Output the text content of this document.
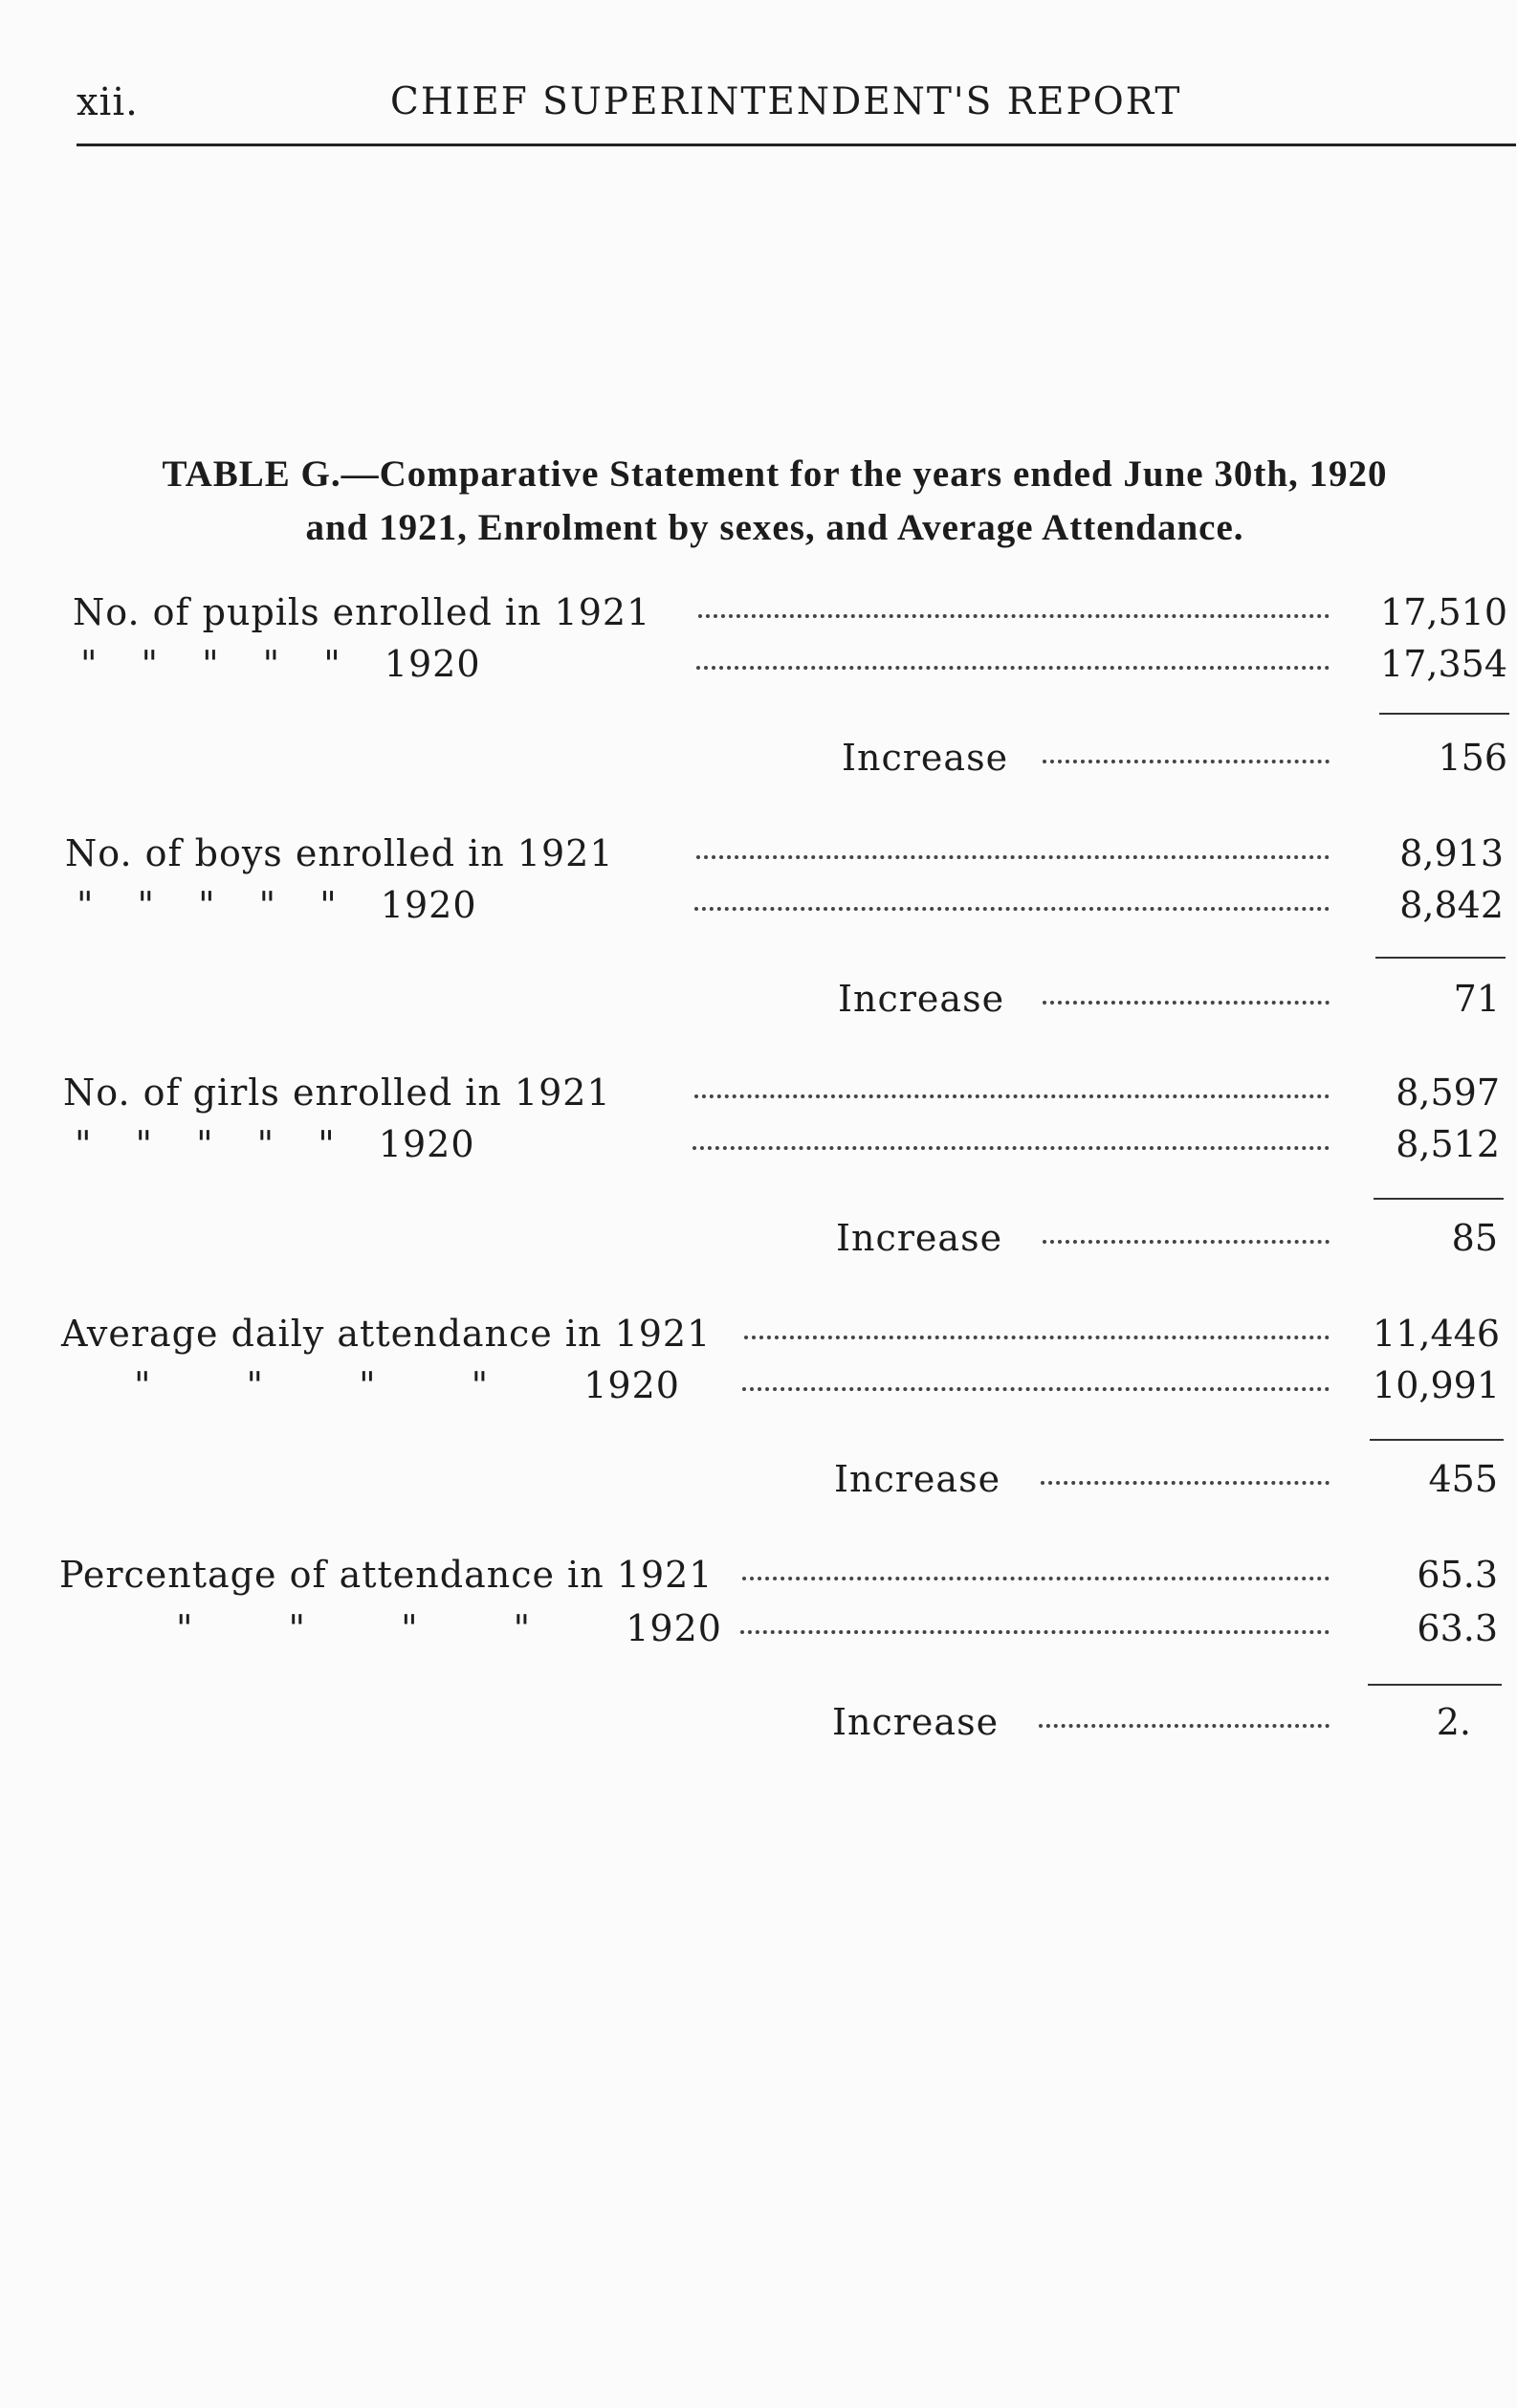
xii.	CHIEF SUPERINTENDENT'S REPORT
TABLE G.—Comparative Statement for the years ended June 30th, 1920
and 1921, Enrolment by sexes, and Average Attendance.
No. of pupils enrolled in 1921	17,510
" " " " " 1920	17,354
Increase	156
No. of boys enrolled in 1921	8,913
" " " " " 1920	8,842
Increase	71
No. of girls enrolled in 1921	8,597
" " " " " 1920	8,512
Increase	85
Average daily attendance in 1921	11,446
" " " " 1920	10,991
Increase	455
Percentage of attendance in 1921	65.3
" " " " 1920	63.3
Increase	2.
